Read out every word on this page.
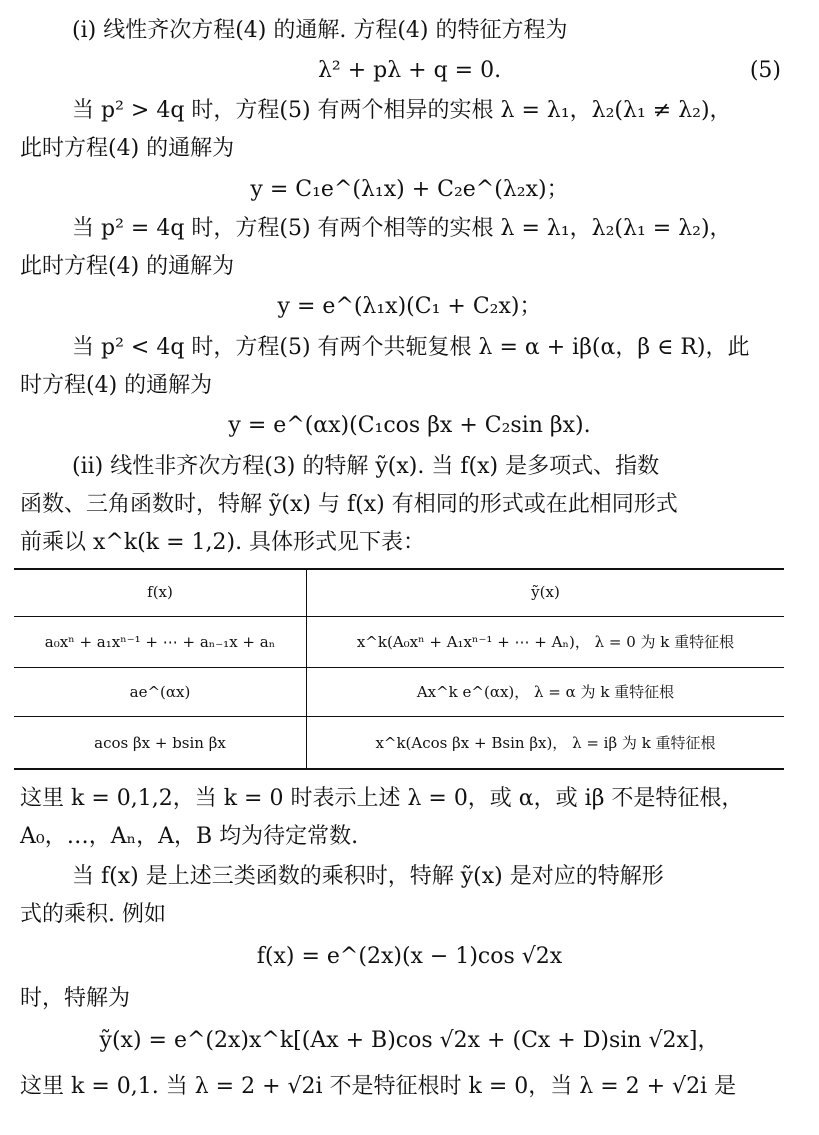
(i) 线性齐次方程(4) 的通解. 方程(4) 的特征方程为
λ² + pλ + q = 0.	(5)
当 p² > 4q 时，方程(5) 有两个相异的实根 λ = λ₁，λ₂(λ₁ ≠ λ₂)，
此时方程(4) 的通解为
y = C₁e^(λ₁x) + C₂e^(λ₂x)；
当 p² = 4q 时，方程(5) 有两个相等的实根 λ = λ₁，λ₂(λ₁ = λ₂)，
此时方程(4) 的通解为
y = e^(λ₁x)(C₁ + C₂x)；
当 p² < 4q 时，方程(5) 有两个共轭复根 λ = α + iβ(α，β ∈ R)，此
时方程(4) 的通解为
y = e^(αx)(C₁cos βx + C₂sin βx).
(ii) 线性非齐次方程(3) 的特解 ỹ(x). 当 f(x) 是多项式、指数
函数、三角函数时，特解 ỹ(x) 与 f(x) 有相同的形式或在此相同形式
前乘以 x^k(k = 1,2). 具体形式见下表：
f(x)	ỹ(x)
a₀xⁿ + a₁xⁿ⁻¹ + ⋯ + aₙ₋₁x + aₙ	x^k(A₀xⁿ + A₁xⁿ⁻¹ + ⋯ + Aₙ)， λ = 0 为 k 重特征根
ae^(αx)	Ax^k e^(αx)， λ = α 为 k 重特征根
acos βx + bsin βx	x^k(Acos βx + Bsin βx)， λ = iβ 为 k 重特征根
这里 k = 0,1,2，当 k = 0 时表示上述 λ = 0，或 α，或 iβ 不是特征根，
A₀，…，Aₙ，A，B 均为待定常数.
当 f(x) 是上述三类函数的乘积时，特解 ỹ(x) 是对应的特解形
式的乘积. 例如
f(x) = e^(2x)(x − 1)cos √2x
时，特解为
ỹ(x) = e^(2x)x^k[(Ax + B)cos √2x + (Cx + D)sin √2x]，
这里 k = 0,1. 当 λ = 2 + √2i 不是特征根时 k = 0，当 λ = 2 + √2i 是
